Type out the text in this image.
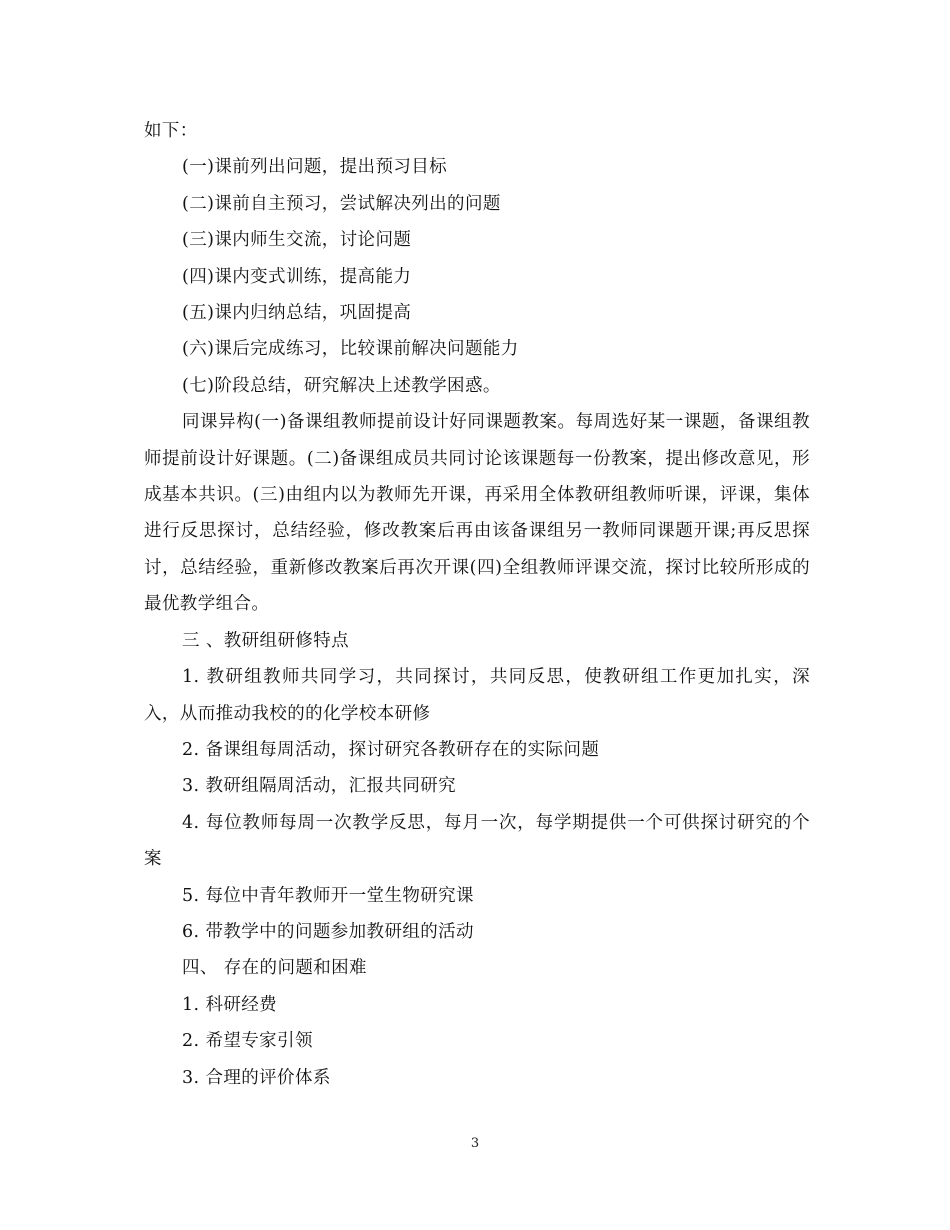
如下：

(一)课前列出问题，提出预习目标

(二)课前自主预习，尝试解决列出的问题

(三)课内师生交流，讨论问题

(四)课内变式训练，提高能力

(五)课内归纳总结，巩固提高

(六)课后完成练习，比较课前解决问题能力

(七)阶段总结，研究解决上述教学困惑。

同课异构(一)备课组教师提前设计好同课题教案。每周选好某一课题，备课组教师提前设计好课题。(二)备课组成员共同讨论该课题每一份教案，提出修改意见，形成基本共识。(三)由组内以为教师先开课，再采用全体教研组教师听课，评课，集体进行反思探讨，总结经验，修改教案后再由该备课组另一教师同课题开课;再反思探讨，总结经验，重新修改教案后再次开课(四)全组教师评课交流，探讨比较所形成的最优教学组合。

三 、教研组研修特点

1. 教研组教师共同学习，共同探讨，共同反思，使教研组工作更加扎实，深入，从而推动我校的的化学校本研修

2. 备课组每周活动，探讨研究各教研存在的实际问题

3. 教研组隔周活动，汇报共同研究

4. 每位教师每周一次教学反思，每月一次，每学期提供一个可供探讨研究的个案

5. 每位中青年教师开一堂生物研究课

6. 带教学中的问题参加教研组的活动

四、 存在的问题和困难

1. 科研经费

2. 希望专家引领

3. 合理的评价体系

3
